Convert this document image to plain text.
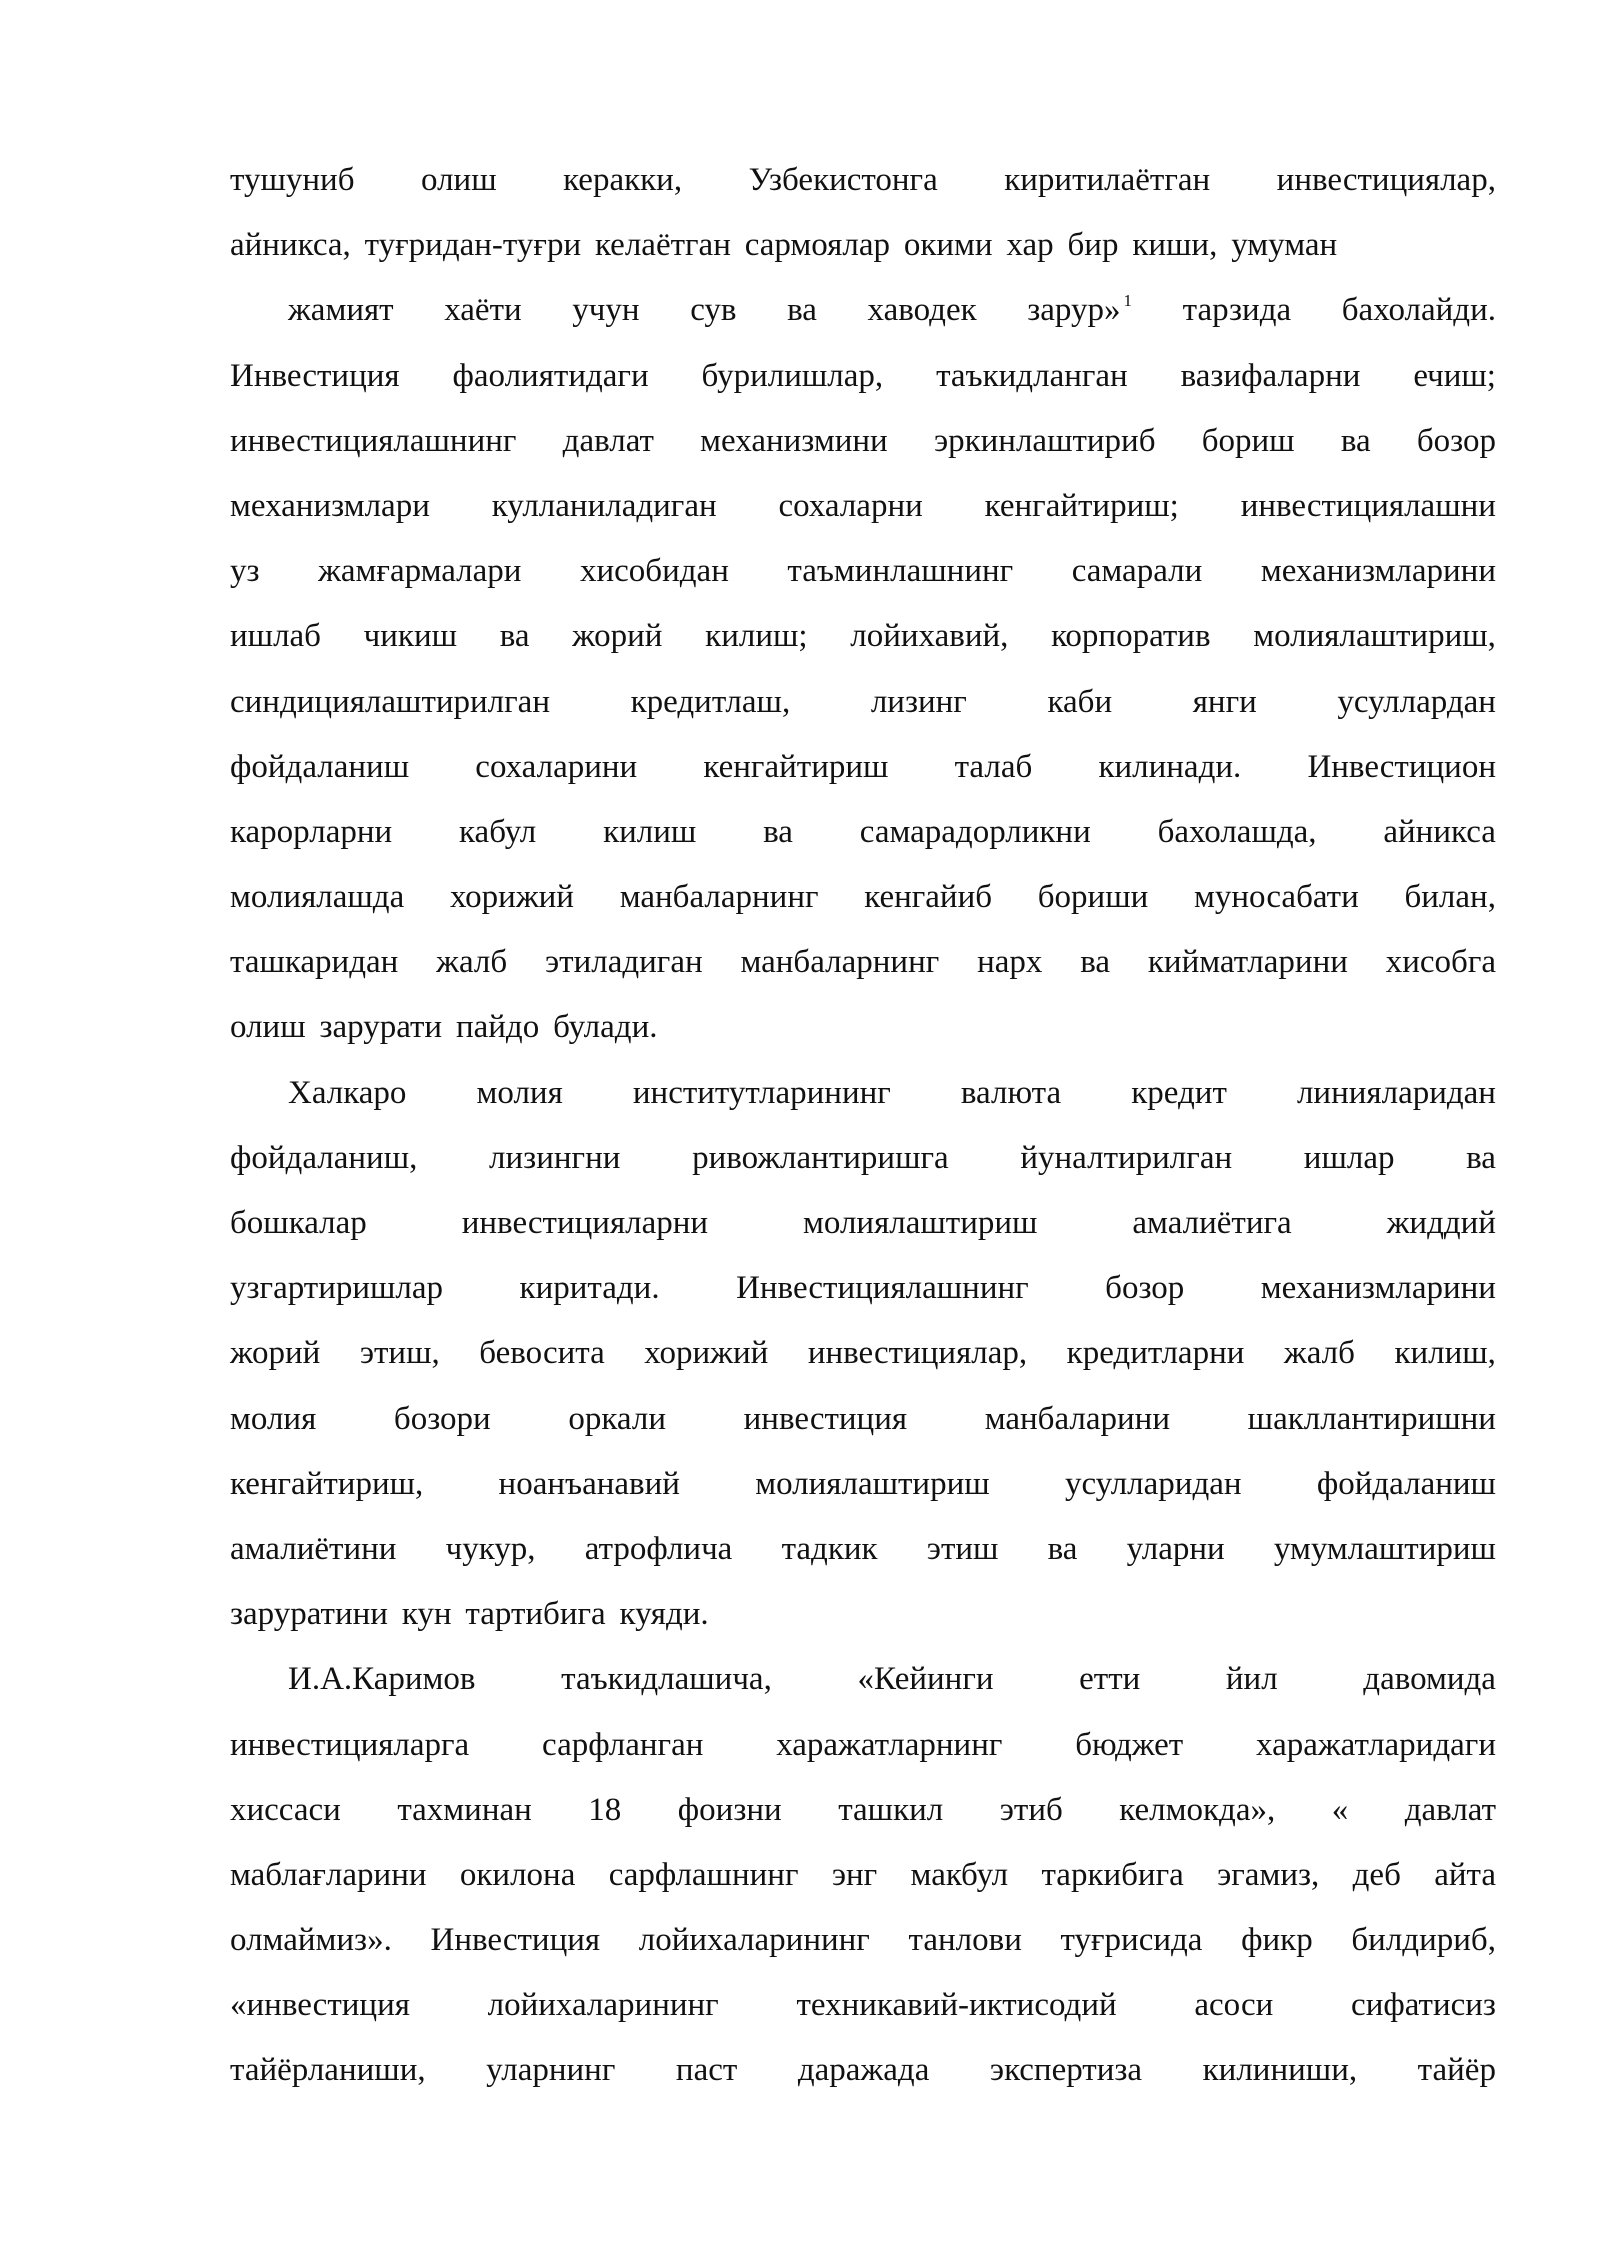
тушуниб олиш керакки, Узбекистонга киритилаётган инвестициялар,
айникса, туғридан-туғри келаётган сармоялар окими хар бир киши, умуман
жамият хаёти учун сув ва хаводек зарур» $^1$ тарзида бахолайди.
Инвестиция фаолиятидаги бурилишлар, таъкидланган вазифаларни ечиш;
инвестициялашнинг давлат механизмини эркинлаштириб бориш ва бозор
механизмлари кулланиладиган сохаларни кенгайтириш; инвестициялашни
уз жамғармалари хисобидан таъминлашнинг самарали механизмларини
ишлаб чикиш ва жорий килиш; лойихавий, корпоратив молиялаштириш,
синдициялаштирилган кредитлаш, лизинг каби янги усуллардан
фойдаланиш сохаларини кенгайтириш талаб килинади. Инвестицион
карорларни кабул килиш ва самарадорликни бахолашда, айникса
молиялашда хорижий манбаларнинг кенгайиб бориши муносабати билан,
ташкаридан жалб этиладиган манбаларнинг нарх ва кийматларини хисобга
олиш зарурати пайдо булади.
Халкаро молия институтларининг валюта кредит линияларидан
фойдаланиш, лизингни ривожлантиришга йуналтирилган ишлар ва
бошкалар	инвестицияларни	молиялаштириш	амалиётига	жиддий
узгартиришлар киритади. Инвестициялашнинг бозор механизмларини
жорий этиш, бевосита хорижий инвестициялар, кредитларни жалб килиш,
молия бозори оркали инвестиция манбаларини шакллантиришни
кенгайтириш, ноанъанавий молиялаштириш усулларидан фойдаланиш
амалиётини чукур, атрофлича тадкик этиш ва уларни умумлаштириш
заруратини кун тартибига куяди.
И.А.Каримов	таъкидлашича,	«Кейинги	етти	йил	давомида
инвестицияларга сарфланган харажатларнинг бюджет харажатларидаги
хиссаси тахминан 18 фоизни ташкил этиб келмокда», « давлат
маблағларини окилона сарфлашнинг энг макбул таркибига эгамиз, деб айта
олмаймиз». Инвестиция лойихаларининг танлови туғрисида фикр билдириб,
«инвестиция лойихаларининг техникавий-иктисодий асоси сифатисиз
тайёрланиши, уларнинг паст даражада экспертиза килиниши, тайёр
